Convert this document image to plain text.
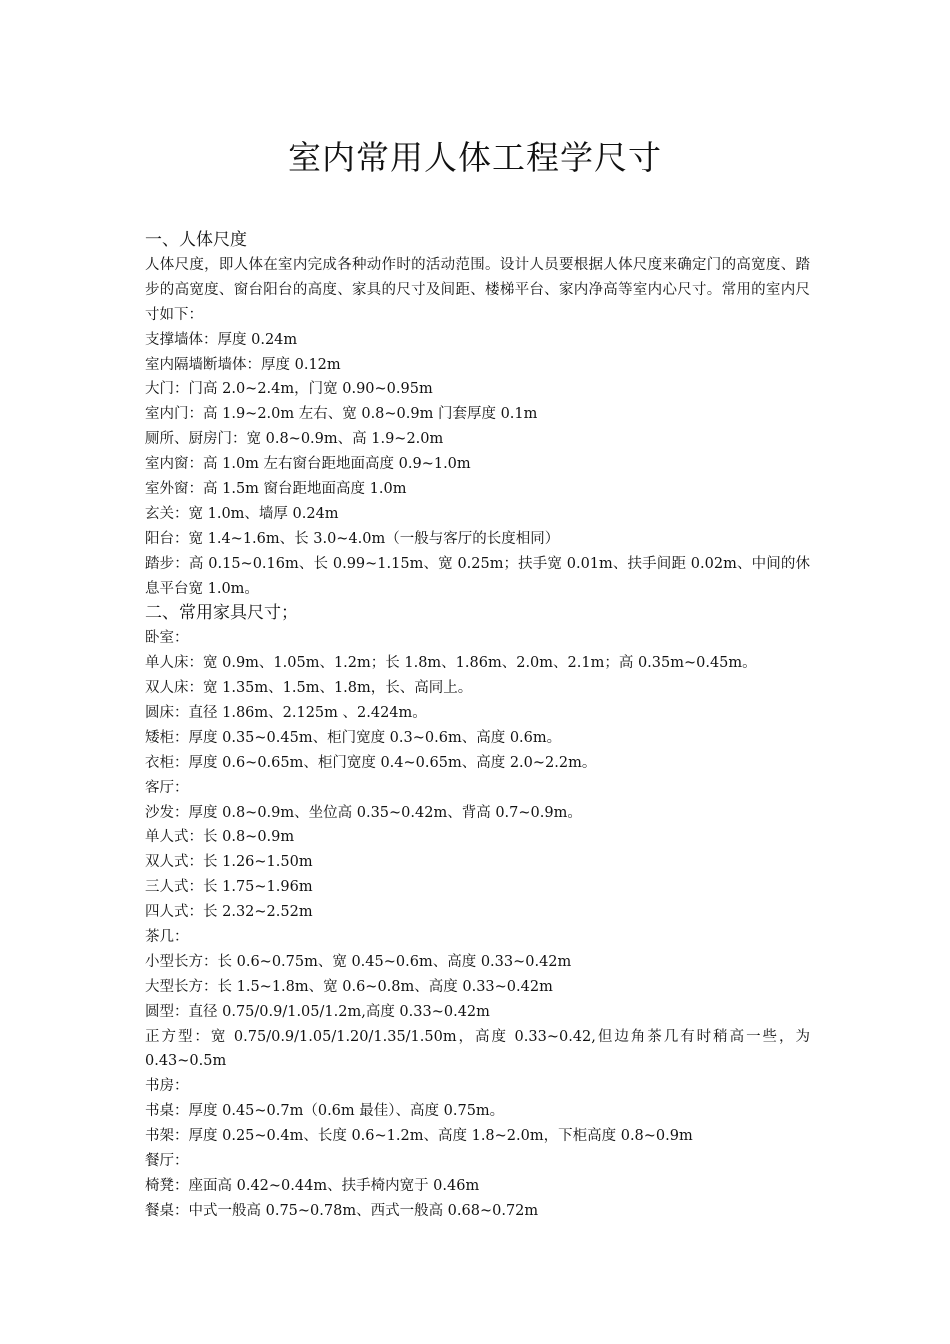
室内常用人体工程学尺寸
一、人体尺度
人体尺度，即人体在室内完成各种动作时的活动范围。设计人员要根据人体尺度来确定门的高宽度、踏步的高宽度、窗台阳台的高度、家具的尺寸及间距、楼梯平台、家内净高等室内心尺寸。常用的室内尺寸如下：
支撑墙体：厚度 0.24m
室内隔墙断墙体：厚度 0.12m
大门：门高 2.0~2.4m，门宽 0.90~0.95m
室内门：高 1.9~2.0m 左右、宽 0.8~0.9m 门套厚度 0.1m
厕所、厨房门：宽 0.8~0.9m、高 1.9~2.0m
室内窗：高 1.0m 左右窗台距地面高度 0.9~1.0m
室外窗：高 1.5m 窗台距地面高度 1.0m
玄关：宽 1.0m、墙厚 0.24m
阳台：宽 1.4~1.6m、长 3.0~4.0m（一般与客厅的长度相同）
踏步：高 0.15~0.16m、长 0.99~1.15m、宽 0.25m；扶手宽 0.01m、扶手间距 0.02m、中间的休息平台宽 1.0m。
二、常用家具尺寸；
卧室：
单人床：宽 0.9m、1.05m、1.2m；长 1.8m、1.86m、2.0m、2.1m；高 0.35m~0.45m。
双人床：宽 1.35m、1.5m、1.8m，长、高同上。
圆床：直径 1.86m、2.125m 、2.424m。
矮柜：厚度 0.35~0.45m、柜门宽度 0.3~0.6m、高度 0.6m。
衣柜：厚度 0.6~0.65m、柜门宽度 0.4~0.65m、高度 2.0~2.2m。
客厅：
沙发：厚度 0.8~0.9m、坐位高 0.35~0.42m、背高 0.7~0.9m。
单人式：长 0.8~0.9m
双人式：长 1.26~1.50m
三人式：长 1.75~1.96m
四人式：长 2.32~2.52m
茶几：
小型长方：长 0.6~0.75m、宽 0.45~0.6m、高度 0.33~0.42m
大型长方：长 1.5~1.8m、宽 0.6~0.8m、高度 0.33~0.42m
圆型：直径 0.75/0.9/1.05/1.2m,高度 0.33~0.42m
正方型：宽 0.75/0.9/1.05/1.20/1.35/1.50m，高度 0.33~0.42,但边角茶几有时稍高一些，为 0.43~0.5m
书房：
书桌：厚度 0.45~0.7m（0.6m 最佳）、高度 0.75m。
书架：厚度 0.25~0.4m、长度 0.6~1.2m、高度 1.8~2.0m，下柜高度 0.8~0.9m
餐厅：
椅凳：座面高 0.42~0.44m、扶手椅内宽于 0.46m
餐桌：中式一般高 0.75~0.78m、西式一般高 0.68~0.72m
